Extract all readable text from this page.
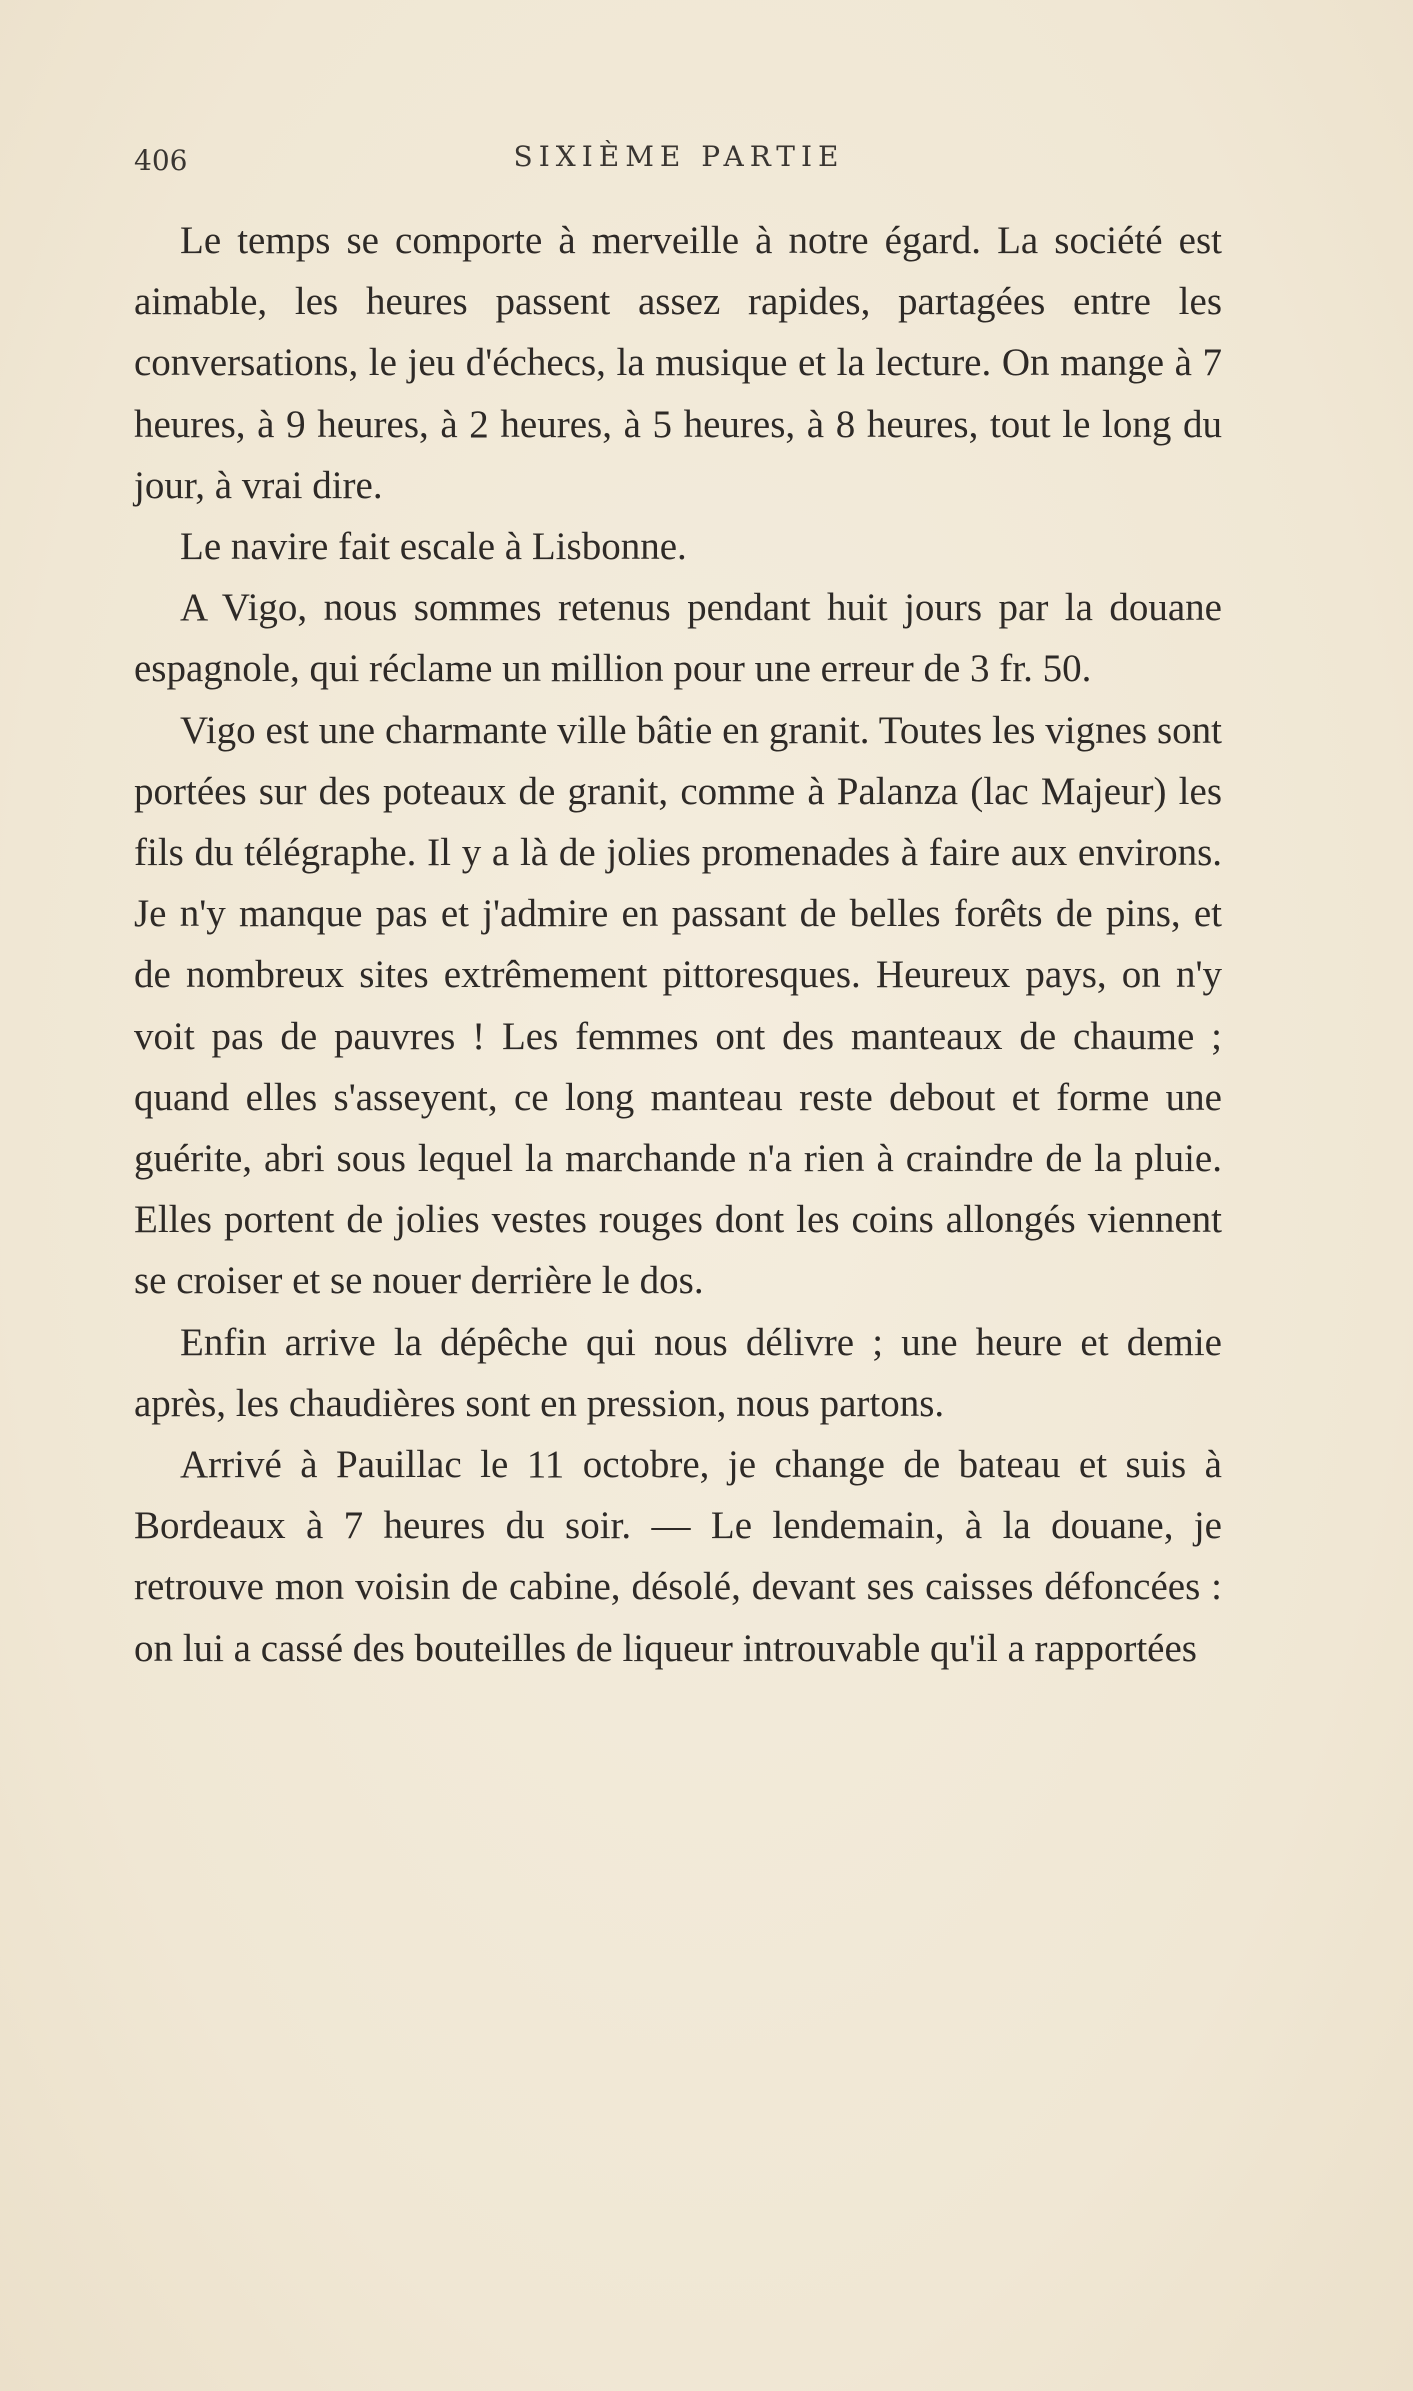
406	SIXIÈME PARTIE

Le temps se comporte à merveille à notre égard. La société est aimable, les heures passent assez rapides, partagées entre les conversations, le jeu d'échecs, la musique et la lecture. On mange à 7 heures, à 9 heures, à 2 heures, à 5 heures, à 8 heures, tout le long du jour, à vrai dire.

Le navire fait escale à Lisbonne.

A Vigo, nous sommes retenus pendant huit jours par la douane espagnole, qui réclame un million pour une erreur de 3 fr. 50.

Vigo est une charmante ville bâtie en granit. Toutes les vignes sont portées sur des poteaux de granit, comme à Palanza (lac Majeur) les fils du télégraphe. Il y a là de jolies promenades à faire aux environs. Je n'y manque pas et j'admire en passant de belles forêts de pins, et de nombreux sites extrêmement pittoresques. Heureux pays, on n'y voit pas de pauvres ! Les femmes ont des manteaux de chaume ; quand elles s'asseyent, ce long manteau reste debout et forme une guérite, abri sous lequel la marchande n'a rien à craindre de la pluie. Elles portent de jolies vestes rouges dont les coins allongés viennent se croiser et se nouer derrière le dos.

Enfin arrive la dépêche qui nous délivre ; une heure et demie après, les chaudières sont en pression, nous partons.

Arrivé à Pauillac le 11 octobre, je change de bateau et suis à Bordeaux à 7 heures du soir. — Le lendemain, à la douane, je retrouve mon voisin de cabine, désolé, devant ses caisses défoncées : on lui a cassé des bouteilles de liqueur introuvable qu'il a rapportées
